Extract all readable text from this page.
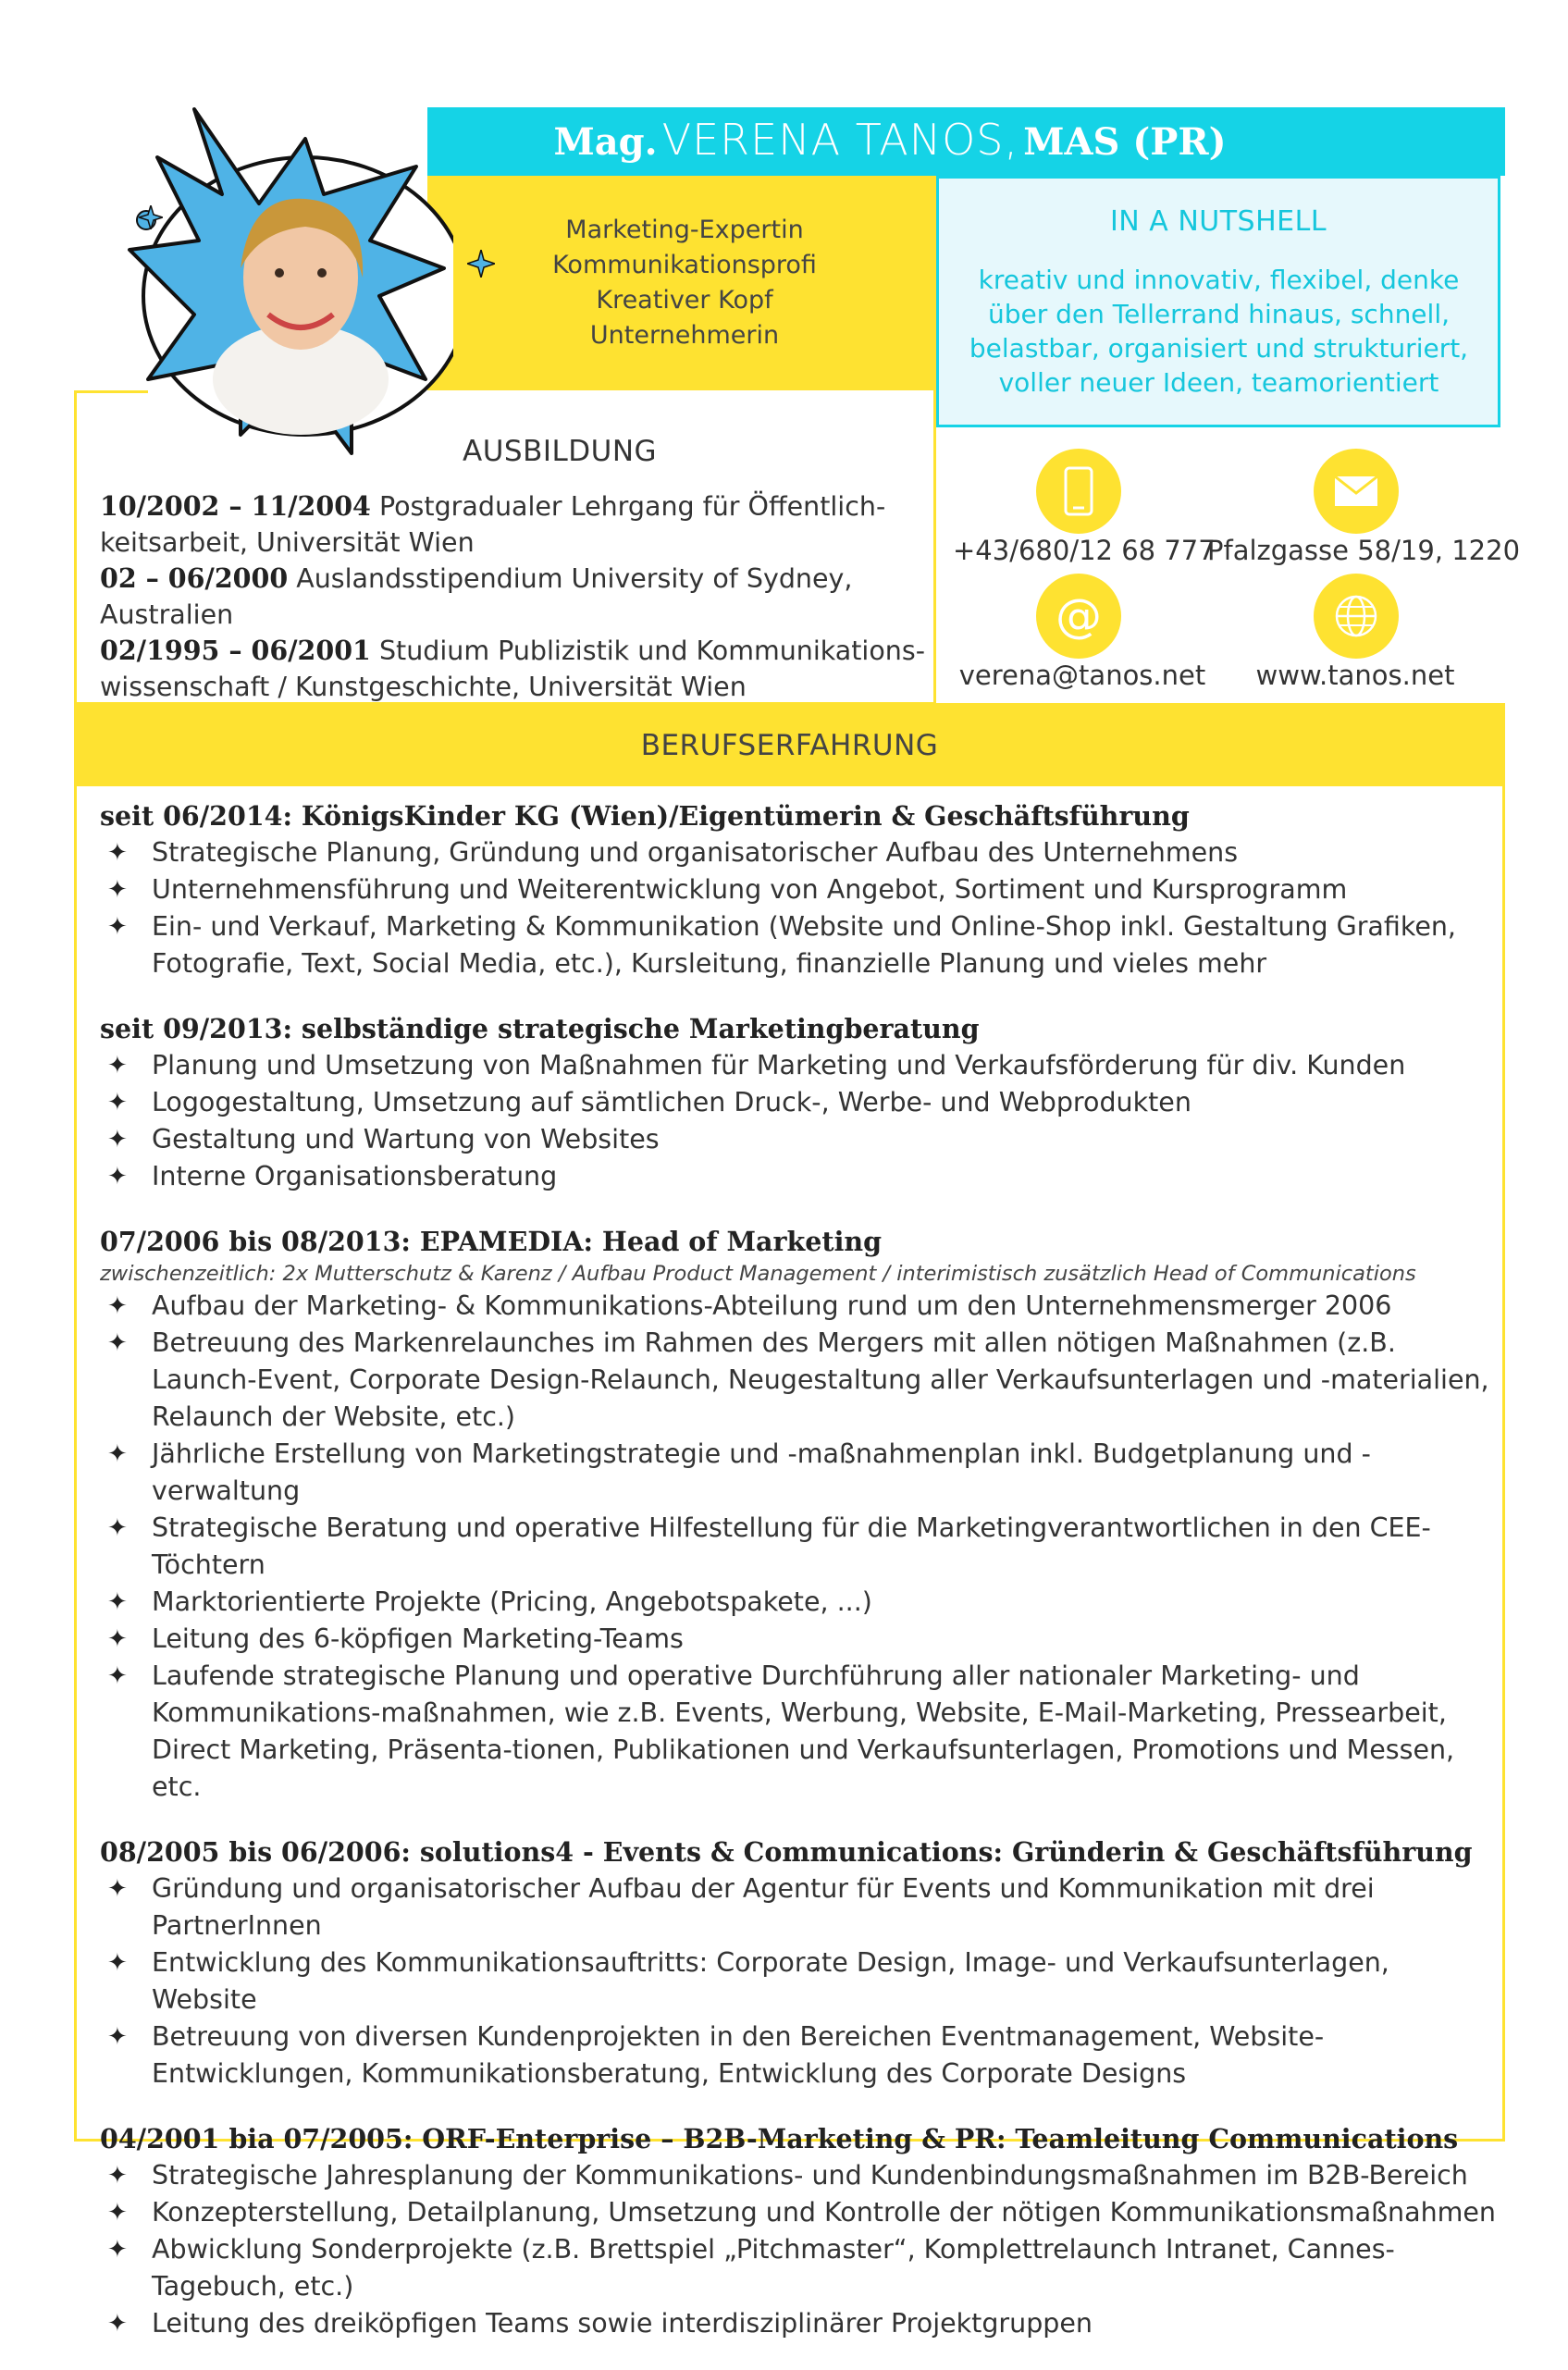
Mag. VERENA TANOS, MAS (PR)
Marketing-Expertin
Kommunikationsprofi
Kreativer Kopf
Unternehmerin
IN A NUTSHELL
kreativ und innovativ, flexibel, denke über den Tellerrand hinaus, schnell, belastbar, organisiert und strukturiert, voller neuer Ideen, teamorientiert
AUSBILDUNG
10/2002 – 11/2004 Postgradualer Lehrgang für Öffentlich-
keitsarbeit, Universität Wien
02 – 06/2000 Auslandsstipendium University of Sydney, Australien
02/1995 – 06/2001 Studium Publizistik und Kommunikations-
wissenschaft / Kunstgeschichte, Universität Wien
+43/680/12 68 777
Pfalzgasse 58/19, 1220
@
verena@tanos.net	www.tanos.net
BERUFSERFAHRUNG
seit 06/2014: KönigsKinder KG (Wien)/Eigentümerin & Geschäftsführung
✦ Strategische Planung, Gründung und organisatorischer Aufbau des Unternehmens
✦ Unternehmensführung und Weiterentwicklung von Angebot, Sortiment und Kursprogramm
✦ Ein- und Verkauf, Marketing & Kommunikation (Website und Online-Shop inkl. Gestaltung Grafiken, Fotografie, Text, Social Media, etc.), Kursleitung, finanzielle Planung und vieles mehr
seit 09/2013: selbständige strategische Marketingberatung
✦ Planung und Umsetzung von Maßnahmen für Marketing und Verkaufsförderung für div. Kunden
✦ Logogestaltung, Umsetzung auf sämtlichen Druck-, Werbe- und Webprodukten
✦ Gestaltung und Wartung von Websites
✦ Interne Organisationsberatung
07/2006 bis 08/2013: EPAMEDIA: Head of Marketing
zwischenzeitlich: 2x Mutterschutz & Karenz / Aufbau Product Management / interimistisch zusätzlich Head of Communications
✦ Aufbau der Marketing- & Kommunikations-Abteilung rund um den Unternehmensmerger 2006
✦ Betreuung des Markenrelaunches im Rahmen des Mergers mit allen nötigen Maßnahmen (z.B. Launch-Event, Corporate Design-Relaunch, Neugestaltung aller Verkaufsunterlagen und -materialien, Relaunch der Website, etc.)
✦ Jährliche Erstellung von Marketingstrategie und -maßnahmenplan inkl. Budgetplanung und -verwaltung
✦ Strategische Beratung und operative Hilfestellung für die Marketingverantwortlichen in den CEE-Töchtern
✦ Marktorientierte Projekte (Pricing, Angebotspakete, ...)
✦ Leitung des 6-köpfigen Marketing-Teams
✦ Laufende strategische Planung und operative Durchführung aller nationaler Marketing- und Kommunikations-maßnahmen, wie z.B. Events, Werbung, Website, E-Mail-Marketing, Pressearbeit, Direct Marketing, Präsenta-tionen, Publikationen und Verkaufsunterlagen, Promotions und Messen, etc.
08/2005 bis 06/2006: solutions4 - Events & Communications: Gründerin & Geschäftsführung
✦ Gründung und organisatorischer Aufbau der Agentur für Events und Kommunikation mit drei PartnerInnen
✦ Entwicklung des Kommunikationsauftritts: Corporate Design, Image- und Verkaufsunterlagen, Website
✦ Betreuung von diversen Kundenprojekten in den Bereichen Eventmanagement, Website-Entwicklungen, Kommunikationsberatung, Entwicklung des Corporate Designs
04/2001 bia 07/2005: ORF-Enterprise – B2B-Marketing & PR: Teamleitung Communications
✦ Strategische Jahresplanung der Kommunikations- und Kundenbindungsmaßnahmen im B2B-Bereich
✦ Konzepterstellung, Detailplanung, Umsetzung und Kontrolle der nötigen Kommunikationsmaßnahmen
✦ Abwicklung Sonderprojekte (z.B. Brettspiel „Pitchmaster“, Komplettrelaunch Intranet, Cannes-Tagebuch, etc.)
✦ Leitung des dreiköpfigen Teams sowie interdisziplinärer Projektgruppen
